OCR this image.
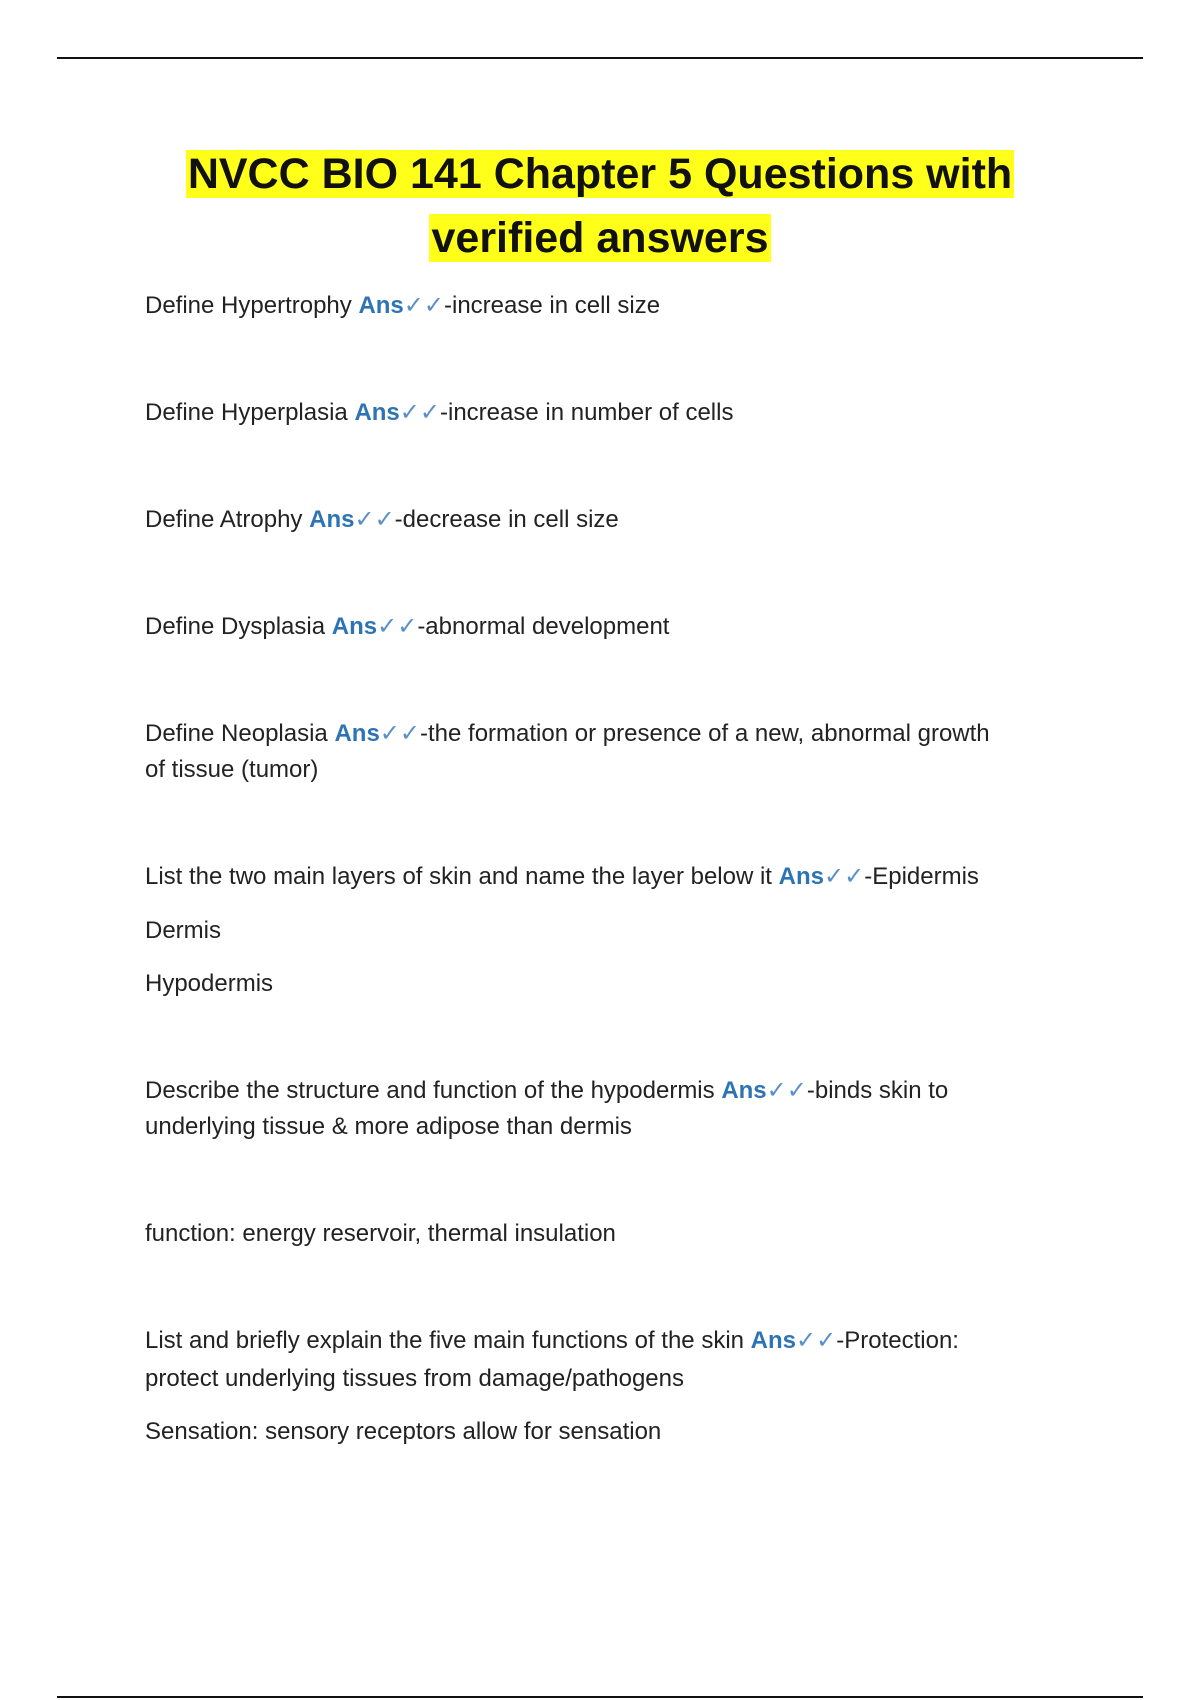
NVCC BIO 141 Chapter 5 Questions with
verified answers
Define Hypertrophy Ans✓✓-increase in cell size
Define Hyperplasia Ans✓✓-increase in number of cells
Define Atrophy Ans✓✓-decrease in cell size
Define Dysplasia Ans✓✓-abnormal development
Define Neoplasia Ans✓✓-the formation or presence of a new, abnormal growth
of tissue (tumor)
List the two main layers of skin and name the layer below it Ans✓✓-Epidermis
Dermis
Hypodermis
Describe the structure and function of the hypodermis Ans✓✓-binds skin to
underlying tissue & more adipose than dermis
function: energy reservoir, thermal insulation
List and briefly explain the five main functions of the skin Ans✓✓-Protection:
protect underlying tissues from damage/pathogens
Sensation: sensory receptors allow for sensation
